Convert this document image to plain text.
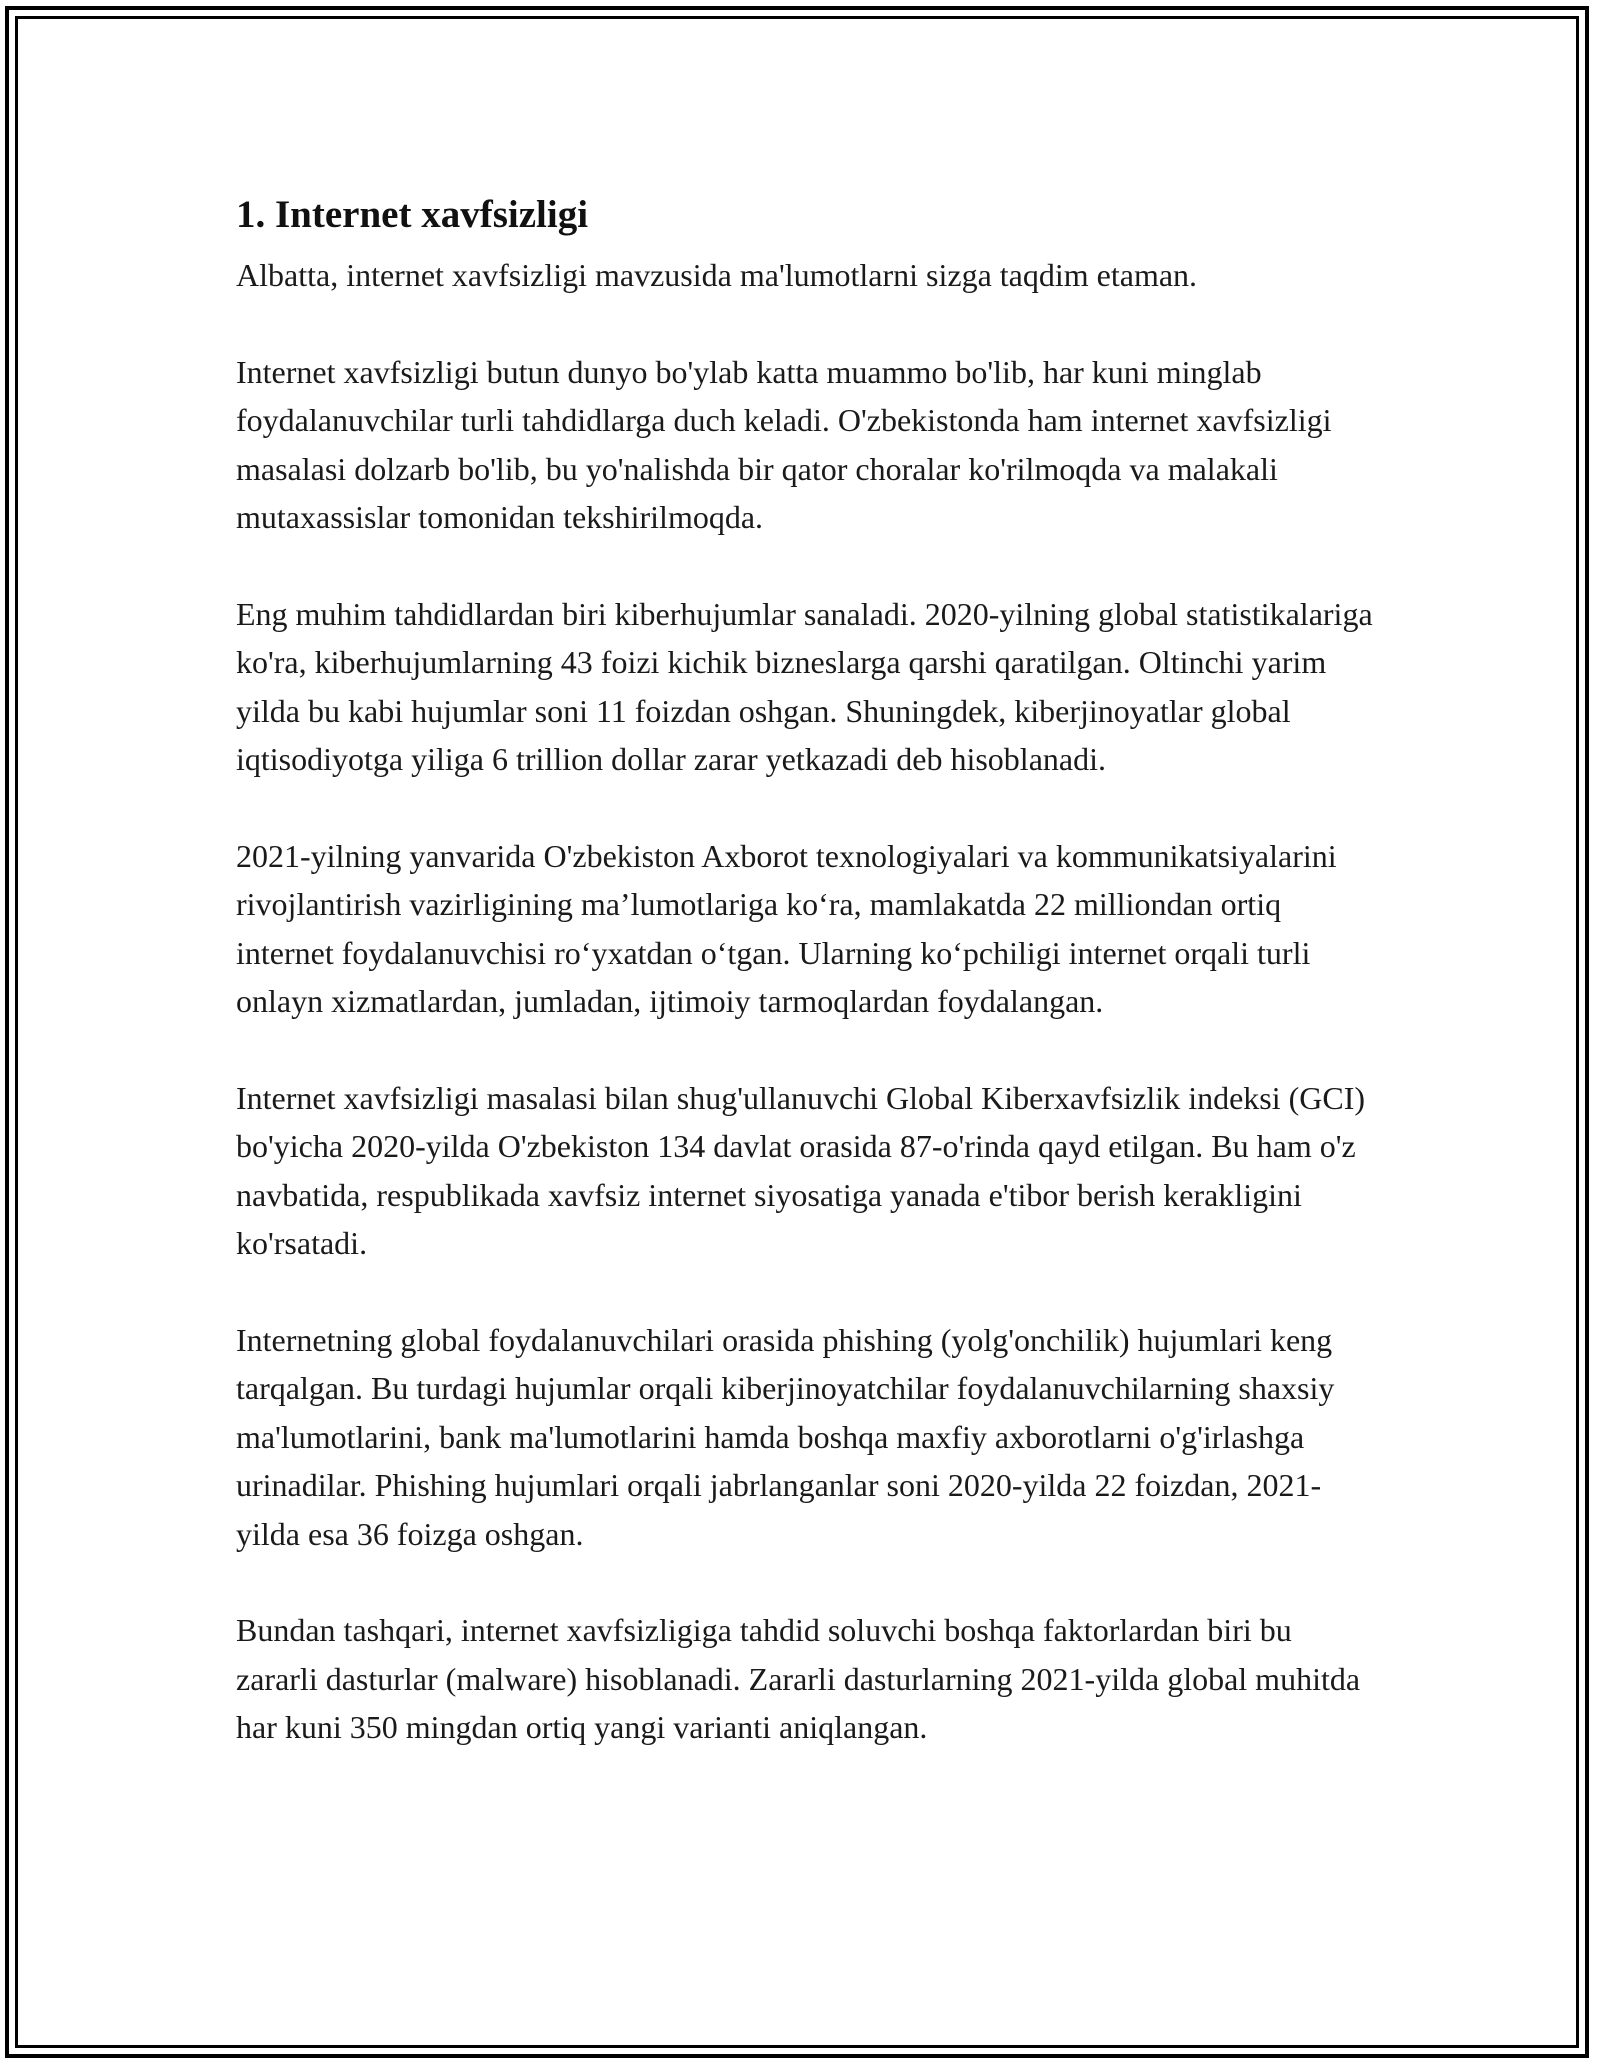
1. Internet xavfsizligi

Albatta, internet xavfsizligi mavzusida ma'lumotlarni sizga taqdim etaman.

Internet xavfsizligi butun dunyo bo'ylab katta muammo bo'lib, har kuni minglab foydalanuvchilar turli tahdidlarga duch keladi. O'zbekistonda ham internet xavfsizligi masalasi dolzarb bo'lib, bu yo'nalishda bir qator choralar ko'rilmoqda va malakali mutaxassislar tomonidan tekshirilmoqda.

Eng muhim tahdidlardan biri kiberhujumlar sanaladi. 2020-yilning global statistikalariga ko'ra, kiberhujumlarning 43 foizi kichik bizneslarga qarshi qaratilgan. Oltinchi yarim yilda bu kabi hujumlar soni 11 foizdan oshgan. Shuningdek, kiberjinoyatlar global iqtisodiyotga yiliga 6 trillion dollar zarar yetkazadi deb hisoblanadi.

2021-yilning yanvarida O'zbekiston Axborot texnologiyalari va kommunikatsiyalarini rivojlantirish vazirligining ma’lumotlariga ko‘ra, mamlakatda 22 milliondan ortiq internet foydalanuvchisi ro‘yxatdan o‘tgan. Ularning ko‘pchiligi internet orqali turli onlayn xizmatlardan, jumladan, ijtimoiy tarmoqlardan foydalangan.

Internet xavfsizligi masalasi bilan shug'ullanuvchi Global Kiberxavfsizlik indeksi (GCI) bo'yicha 2020-yilda O'zbekiston 134 davlat orasida 87-o'rinda qayd etilgan. Bu ham o'z navbatida, respublikada xavfsiz internet siyosatiga yanada e'tibor berish kerakligini ko'rsatadi.

Internetning global foydalanuvchilari orasida phishing (yolg'onchilik) hujumlari keng tarqalgan. Bu turdagi hujumlar orqali kiberjinoyatchilar foydalanuvchilarning shaxsiy ma'lumotlarini, bank ma'lumotlarini hamda boshqa maxfiy axborotlarni o'g'irlashga urinadilar. Phishing hujumlari orqali jabrlanganlar soni 2020-yilda 22 foizdan, 2021-yilda esa 36 foizga oshgan.

Bundan tashqari, internet xavfsizligiga tahdid soluvchi boshqa faktorlardan biri bu zararli dasturlar (malware) hisoblanadi. Zararli dasturlarning 2021-yilda global muhitda har kuni 350 mingdan ortiq yangi varianti aniqlangan.
